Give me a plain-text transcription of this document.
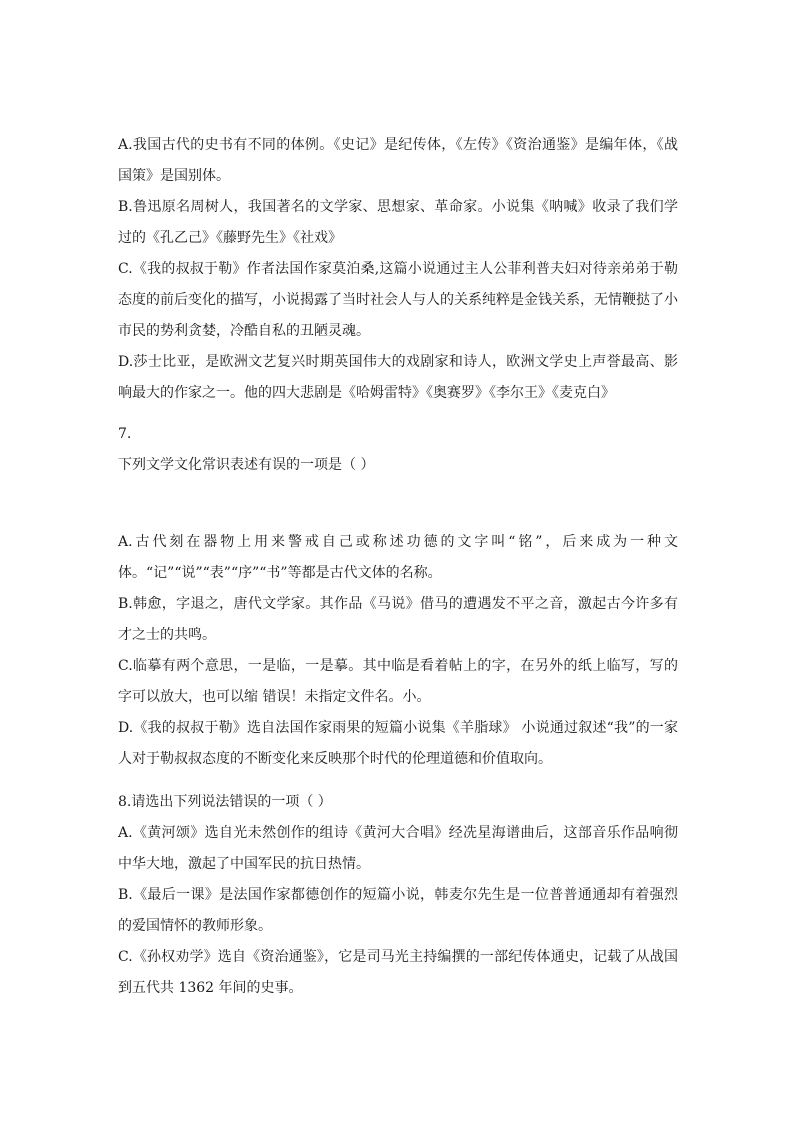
A.我国古代的史书有不同的体例。《史记》是纪传体，《左传》《资治通鉴》是编年体，《战国策》是国别体。

B.鲁迅原名周树人，我国著名的文学家、思想家、革命家。小说集《呐喊》收录了我们学过的《孔乙己》《藤野先生》《社戏》

C.《我的叔叔于勒》作者法国作家莫泊桑,这篇小说通过主人公菲利普夫妇对待亲弟弟于勒态度的前后变化的描写，小说揭露了当时社会人与人的关系纯粹是金钱关系，无情鞭挞了小市民的势利贪婪，冷酷自私的丑陋灵魂。

D.莎士比亚，是欧洲文艺复兴时期英国伟大的戏剧家和诗人，欧洲文学史上声誉最高、影响最大的作家之一。他的四大悲剧是《哈姆雷特》《奥赛罗》《李尔王》《麦克白》

7.

下列文学文化常识表述有误的一项是（ ）

A.古代刻在器物上用来警戒自己或称述功德的文字叫“铭”，后来成为一种文体。“记”“说”“表”“序”“书”等都是古代文体的名称。

B.韩愈，字退之，唐代文学家。其作品《马说》借马的遭遇发不平之音，激起古今许多有才之士的共鸣。

C.临摹有两个意思，一是临，一是摹。其中临是看着帖上的字，在另外的纸上临写，写的字可以放大，也可以缩 错误！未指定文件名。小。

D.《我的叔叔于勒》选自法国作家雨果的短篇小说集《羊脂球》 小说通过叙述“我”的一家人对于勒叔叔态度的不断变化来反映那个时代的伦理道德和价值取向。

8.请选出下列说法错误的一项（ ）

A.《黄河颂》选自光未然创作的组诗《黄河大合唱》经冼星海谱曲后，这部音乐作品响彻中华大地，激起了中国军民的抗日热情。

B.《最后一课》是法国作家都德创作的短篇小说，韩麦尔先生是一位普普通通却有着强烈的爱国情怀的教师形象。

C.《孙权劝学》选自《资治通鉴》，它是司马光主持编撰的一部纪传体通史，记载了从战国到五代共 1362 年间的史事。
